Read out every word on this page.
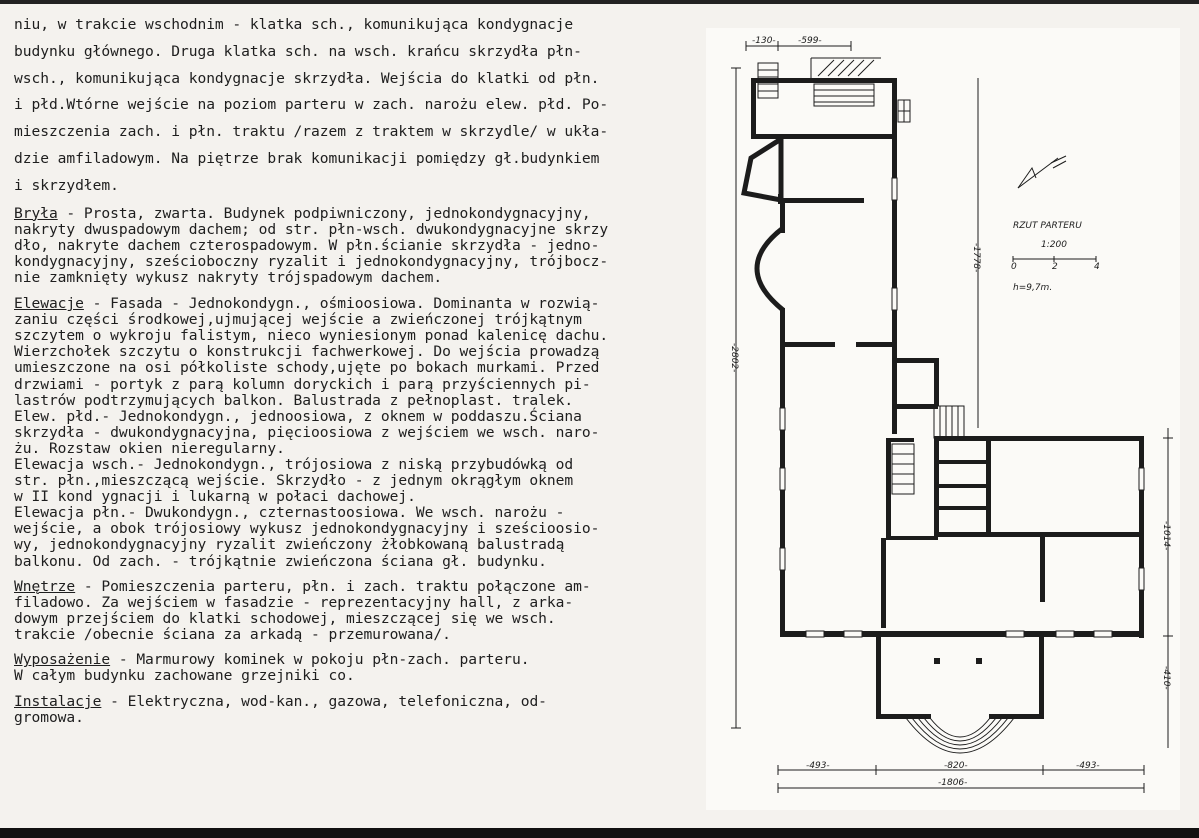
niu, w trakcie wschodnim - klatka sch., komunikująca kondygnacje
budynku głównego. Druga klatka sch. na wsch. krańcu skrzydła płn-
wsch., komunikująca kondygnacje skrzydła. Wejścia do klatki od płn.
i płd.Wtórne wejście na poziom parteru w zach. narożu elew. płd. Po-
mieszczenia zach. i płn. traktu /razem z traktem w skrzydle/ w ukła-
dzie amfiladowym. Na piętrze brak komunikacji pomiędzy gł.budynkiem
i skrzydłem.
Bryła - Prosta, zwarta. Budynek podpiwniczony, jednokondygnacyjny,
nakryty dwuspadowym dachem; od str. płn-wsch. dwukondygnacyjne skrzy
dło, nakryte dachem czterospadowym. W płn.ścianie skrzydła - jedno-
kondygnacyjny, sześcioboczny ryzalit i jednokondygnacyjny, trójbocz-
nie zamknięty wykusz nakryty trójspadowym dachem.
Elewacje - Fasada - Jednokondygn., ośmioosiowa. Dominanta w rozwią-
zaniu części środkowej,ujmującej wejście a zwieńczonej trójkątnym
szczytem o wykroju falistym, nieco wyniesionym ponad kalenicę dachu.
Wierzchołek szczytu o konstrukcji fachwerkowej. Do wejścia prowadzą
umieszczone na osi półkoliste schody,ujęte po bokach murkami. Przed
drzwiami - portyk z parą kolumn doryckich i parą przyściennych pi-
lastrów podtrzymujących balkon. Balustrada z pełnoplast. tralek.
Elew. płd.- Jednokondygn., jednoosiowa, z oknem w poddaszu.Ściana
skrzydła - dwukondygnacyjna, pięcioosiowa z wejściem we wsch. naro-
żu. Rozstaw okien nieregularny.
Elewacja wsch.- Jednokondygn., trójosiowa z niską przybudówką od
str. płn.,mieszczącą wejście. Skrzydło - z jednym okrągłym oknem
w II kond ygnacji i lukarną w połaci dachowej.
Elewacja płn.- Dwukondygn., czternastoosiowa. We wsch. narożu -
wejście, a obok trójosiowy wykusz jednokondygnacyjny i sześcioosio-
wy, jednokondygnacyjny ryzalit zwieńczony żłobkowaną balustradą
balkonu. Od zach. - trójkątnie zwieńczona ściana gł. budynku.
Wnętrze - Pomieszczenia parteru, płn. i zach. traktu połączone am-
filadowo. Za wejściem w fasadzie - reprezentacyjny hall, z arka-
dowym przejściem do klatki schodowej, mieszczącej się we wsch.
trakcie /obecnie ściana za arkadą - przemurowana/.
Wyposażenie - Marmurowy kominek w pokoju płn-zach. parteru.
W całym budynku zachowane grzejniki co.
Instalacje - Elektryczna, wod-kan., gazowa, telefoniczna, od-
gromowa.
-130- -599-
-2802-
-1778-
-1014-
-410-
-493-	-820-	-493-
-1806-
RZUT PARTERU
1:200
0	2	4
h=9,7m.
